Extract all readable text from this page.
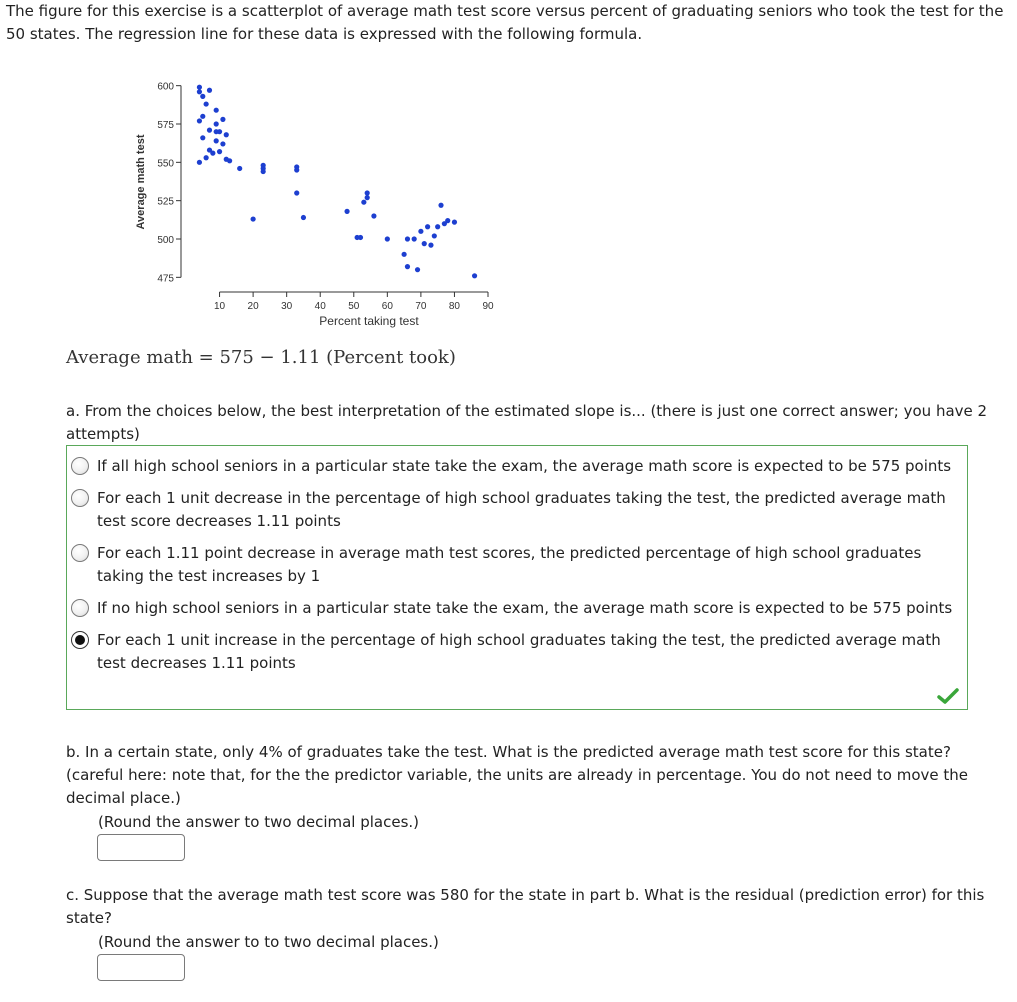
The figure for this exercise is a scatterplot of average math test score versus percent of graduating seniors who took the test for the 50 states. The regression line for these data is expressed with the following formula.
475
500
525
550
575
600
10 20 30 40 50 60 70 80 90
Percent taking test
Average math test
Average math = 575 − 1.11 (Percent took)
a. From the choices below, the best interpretation of the estimated slope is... (there is just one correct answer; you have 2 attempts)
If all high school seniors in a particular state take the exam, the average math score is expected to be 575 points
For each 1 unit decrease in the percentage of high school graduates taking the test, the predicted average math test score decreases 1.11 points
For each 1.11 point decrease in average math test scores, the predicted percentage of high school graduates taking the test increases by 1
If no high school seniors in a particular state take the exam, the average math score is expected to be 575 points
For each 1 unit increase in the percentage of high school graduates taking the test, the predicted average math test decreases 1.11 points
b. In a certain state, only 4% of graduates take the test. What is the predicted average math test score for this state? (careful here: note that, for the the predictor variable, the units are already in percentage. You do not need to move the decimal place.)
(Round the answer to two decimal places.)
c. Suppose that the average math test score was 580 for the state in part b. What is the residual (prediction error) for this state?
(Round the answer to to two decimal places.)
